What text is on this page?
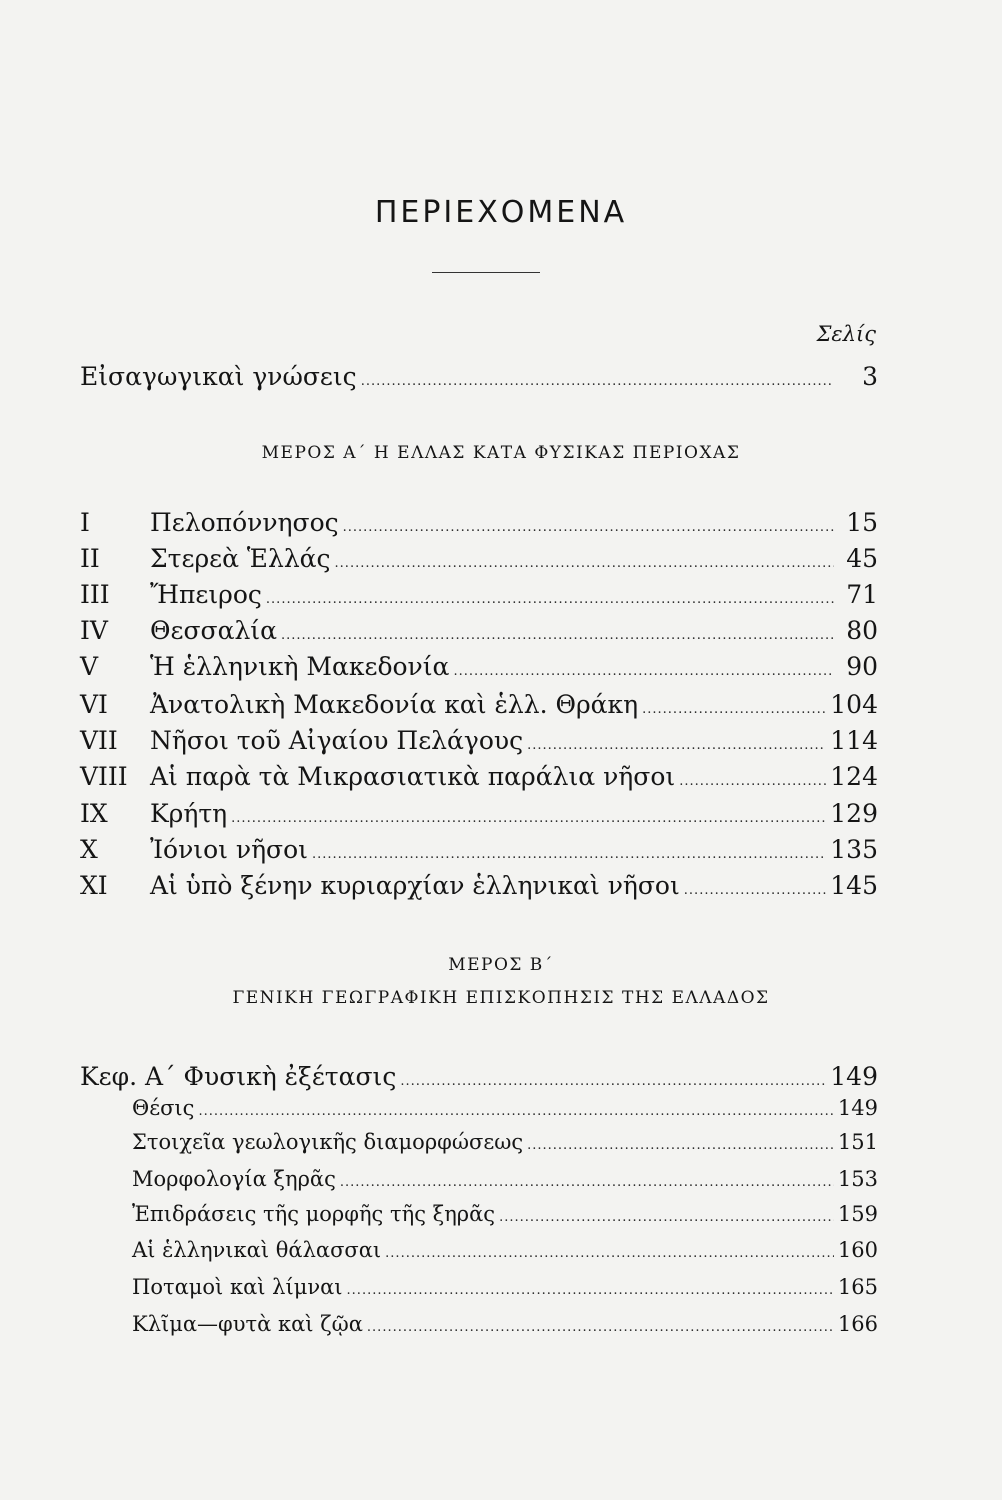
ΠΕΡΙΕΧΟΜΕΝΑ
Σελίς
Εἰσαγωγικαὶ γνώσεις .....	3
ΜΕΡΟΣ Α΄ Η ΕΛΛΑΣ ΚΑΤΑ ΦΥΣΙΚΑΣ ΠΕΡΙΟΧΑΣ
I	Πελοπόννησος .....	15
II	Στερεὰ Ἑλλάς .....	45
III	Ἤπειρος .....	71
IV	Θεσσαλία .....	80
V	Ἡ ἑλληνικὴ Μακεδονία .....	90
VI	Ἀνατολικὴ Μακεδονία καὶ ἑλλ. Θράκη .....	104
VII	Νῆσοι τοῦ Αἰγαίου Πελάγους .....	114
VIII Αἱ παρὰ τὰ Μικρασιατικὰ παράλια νῆσοι .....	124
IX	Κρήτη .....	129
X	Ἰόνιοι νῆσοι .....	135
XI	Αἱ ὑπὸ ξένην κυριαρχίαν ἑλληνικαὶ νῆσοι .....	145
ΜΕΡΟΣ Β΄
ΓΕΝΙΚΗ ΓΕΩΓΡΑΦΙΚΗ ΕΠΙΣΚΟΠΗΣΙΣ ΤΗΣ ΕΛΛΑΔΟΣ
Κεφ. Α΄ Φυσικὴ ἐξέτασις .....	149
Θέσις .....	149
Στοιχεῖα γεωλογικῆς διαμορφώσεως .....	151
Μορφολογία ξηρᾶς .....	153
Ἐπιδράσεις τῆς μορφῆς τῆς ξηρᾶς .....	159
Αἱ ἑλληνικαὶ θάλασσαι .....	160
Ποταμοὶ καὶ λίμναι .....	165
Κλῖμα—φυτὰ καὶ ζῷα .....	166
